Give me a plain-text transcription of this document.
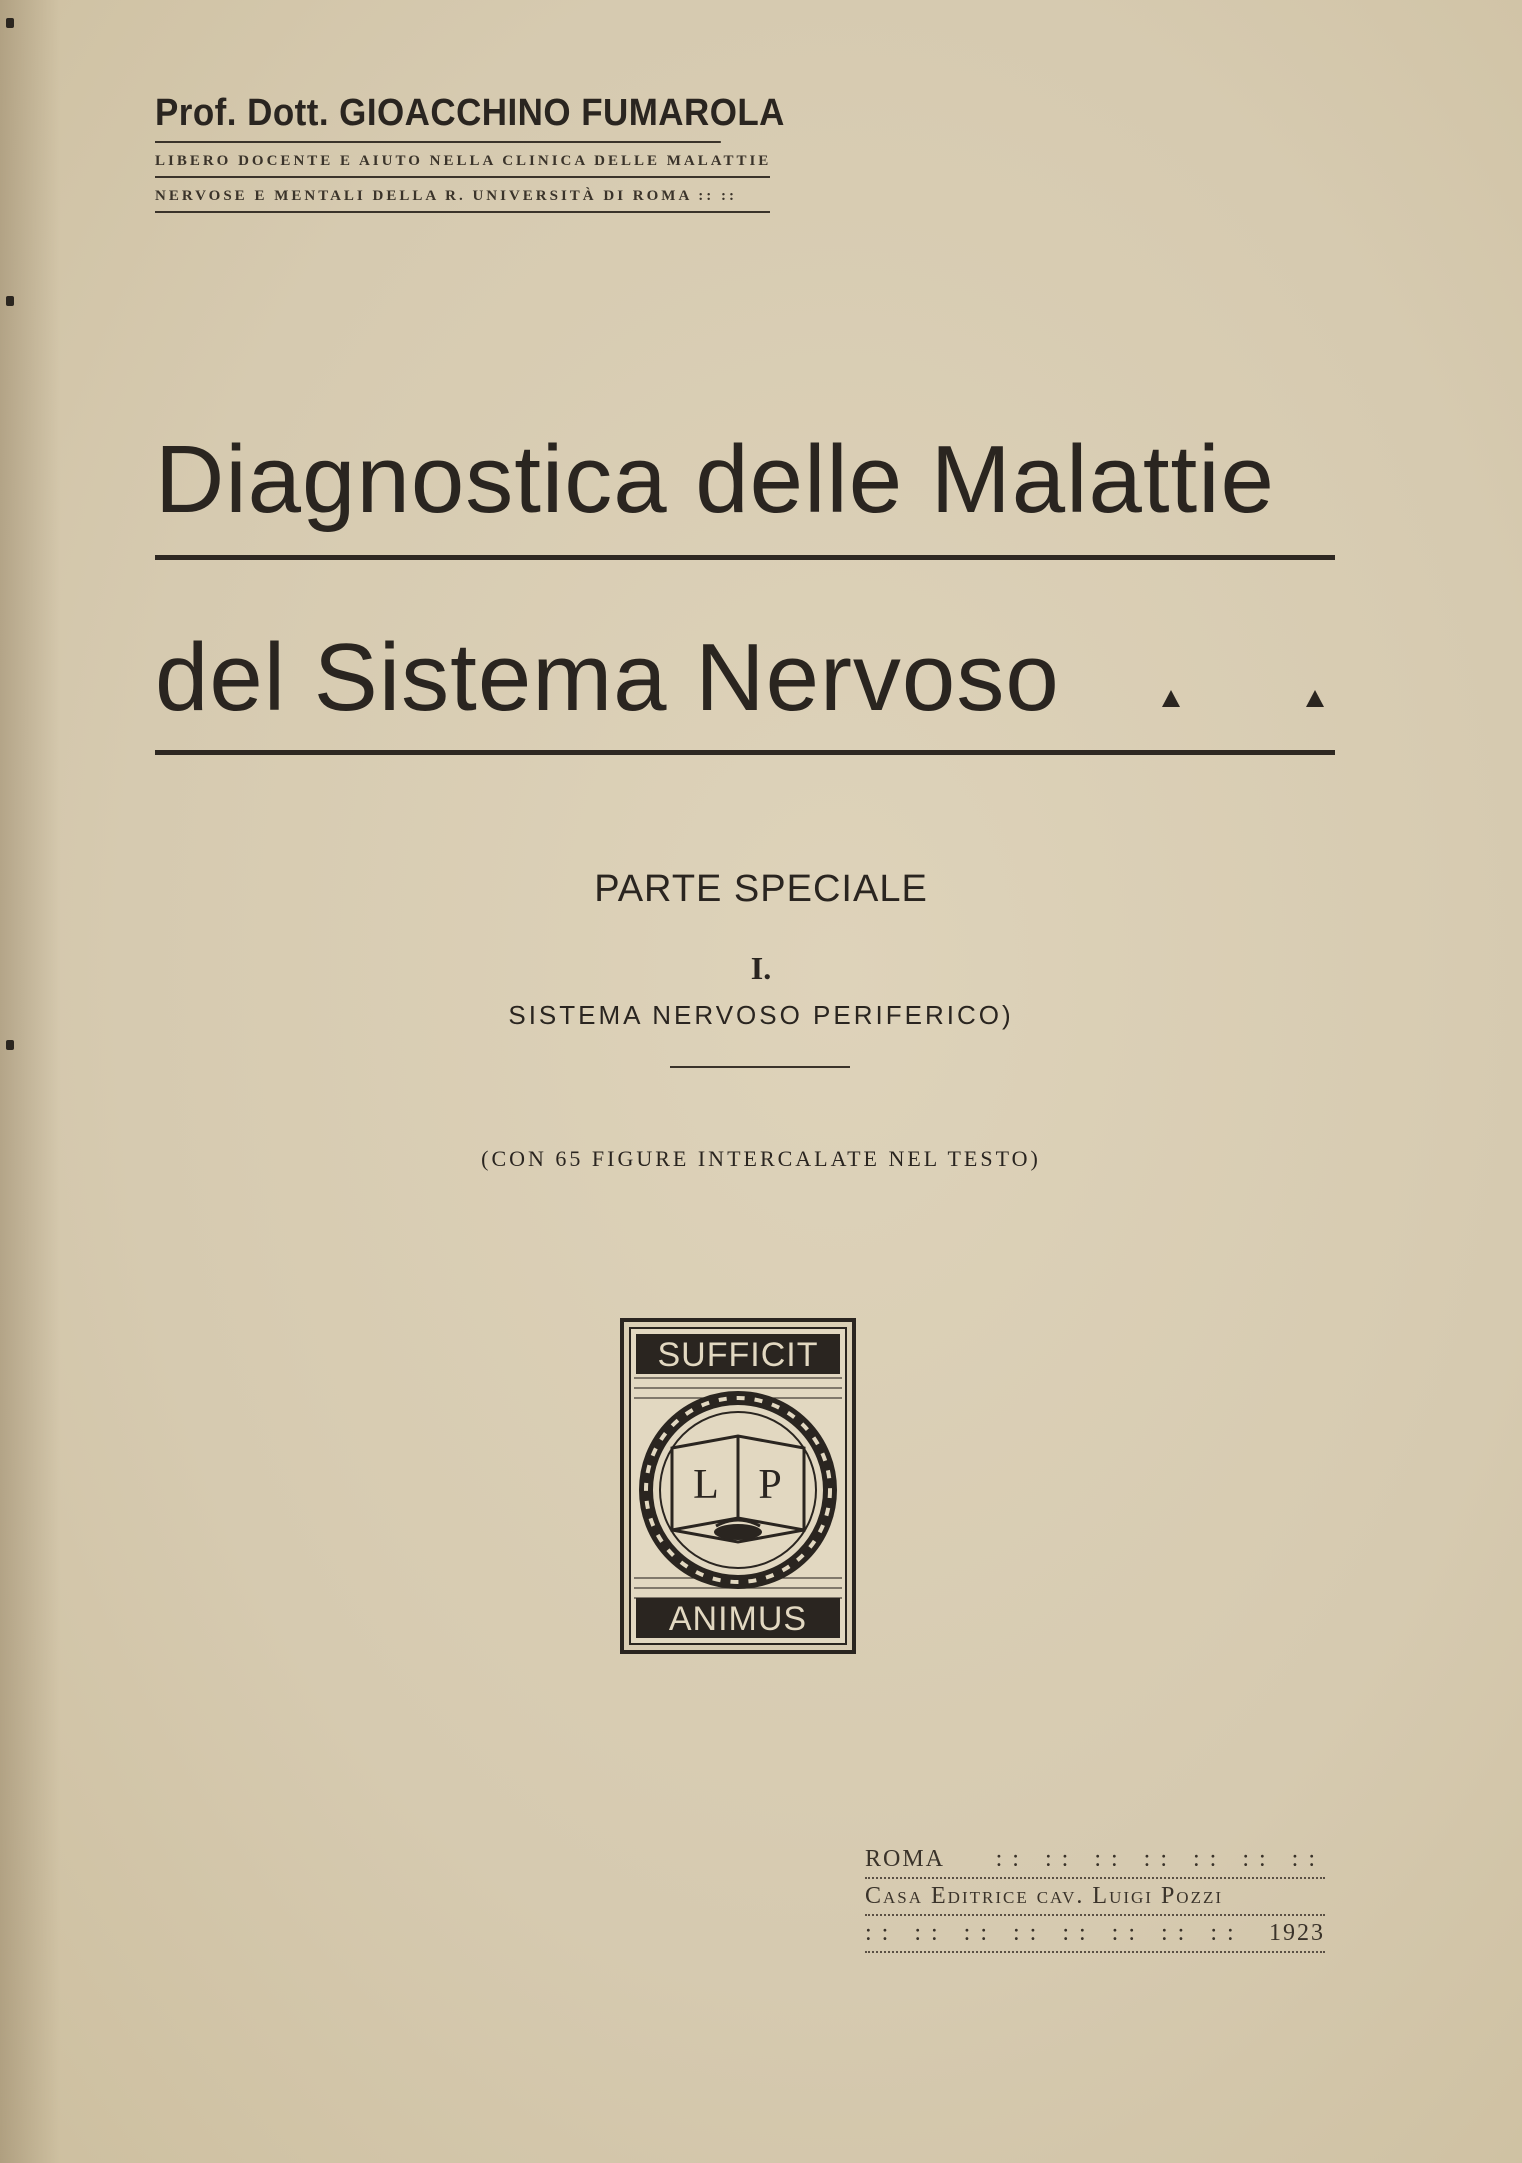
Prof. Dott. GIOACCHINO FUMAROLA
LIBERO DOCENTE E AIUTO NELLA CLINICA DELLE MALATTIE
NERVOSE E MENTALI DELLA R. UNIVERSITÀ DI ROMA :: ::
Diagnostica delle Malattie
del Sistema Nervoso
PARTE SPECIALE
I.
SISTEMA NERVOSO PERIFERICO)
(CON 65 FIGURE INTERCALATE NEL TESTO)
SUFFICIT
ANIMUS
L P
ROMA :: :: :: :: :: :: ::
Casa Editrice cav. Luigi Pozzi
:: :: :: :: :: :: :: :: 1923
